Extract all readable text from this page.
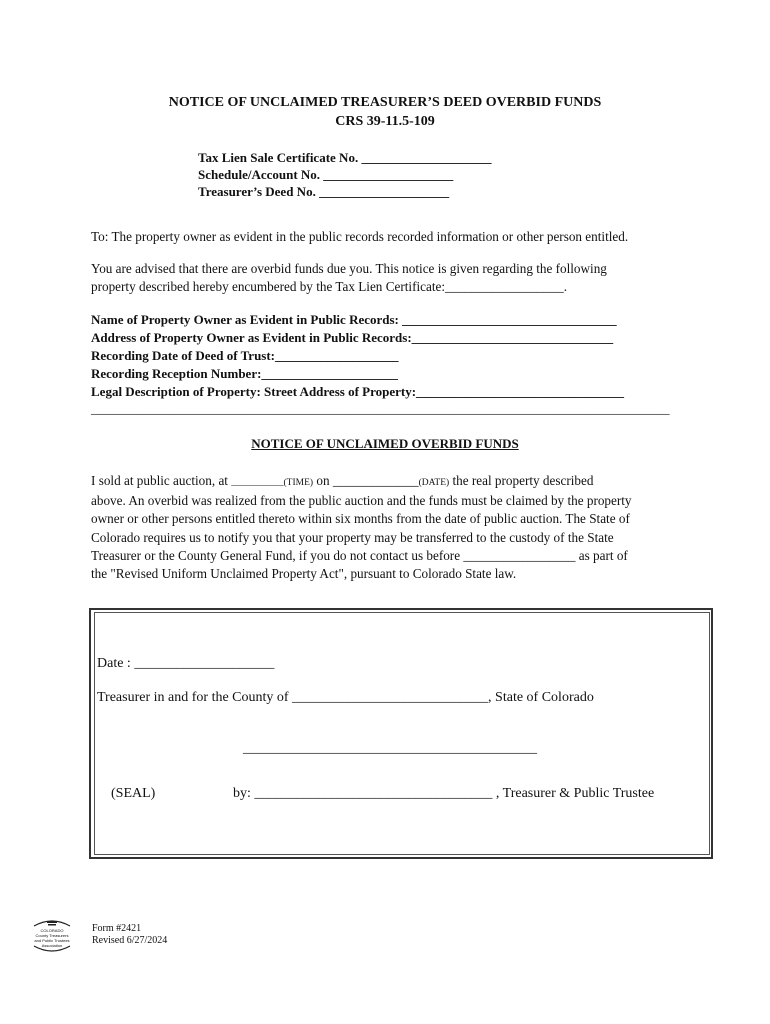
NOTICE OF UNCLAIMED TREASURER’S DEED OVERBID FUNDS
CRS 39-11.5-109
Tax Lien Sale Certificate No. ____________________
Schedule/Account No. ____________________
Treasurer’s Deed No. ____________________
To: The property owner as evident in the public records recorded information or other person entitled.
You are advised that there are overbid funds due you. This notice is given regarding the following
property described hereby encumbered by the Tax Lien Certificate:__________________.
Name of Property Owner as Evident in Public Records: _________________________________
Address of Property Owner as Evident in Public Records:_______________________________
Recording Date of Deed of Trust:___________________
Recording Reception Number:_____________________
Legal Description of Property: Street Address of Property:________________________________
_________________________________________________________________________________________
NOTICE OF UNCLAIMED OVERBID FUNDS
I sold at public auction, at ___________(TIME) on _____________(DATE) the real property described
above. An overbid was realized from the public auction and the funds must be claimed by the property
owner or other persons entitled thereto within six months from the date of public auction. The State of
Colorado requires us to notify you that your property may be transferred to the custody of the State
Treasurer or the County General Fund, if you do not contact us before _________________ as part of
the "Revised Uniform Unclaimed Property Act", pursuant to Colorado State law.
Date : ____________________
Treasurer in and for the County of ____________________________, State of Colorado
__________________________________________
(SEAL)	by: __________________________________ , Treasurer & Public Trustee
COLORADO
County Treasurers
and Public Trustees
Association
Form #2421
Revised 6/27/2024
